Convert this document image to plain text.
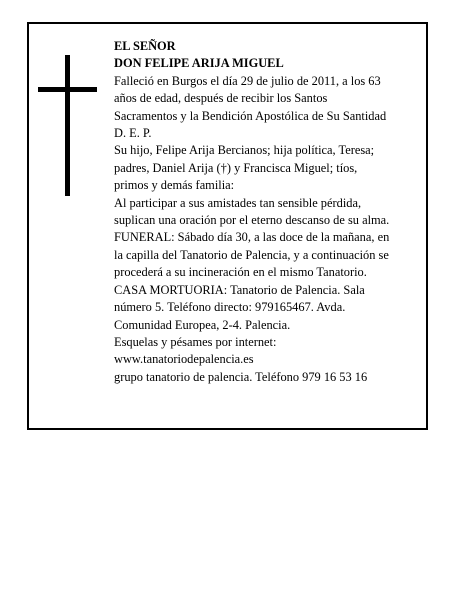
EL SEÑOR

DON FELIPE ARIJA MIGUEL

Falleció en Burgos el día 29 de julio de 2011, a los 63

años de edad, después de recibir los Santos

Sacramentos y la Bendición Apostólica de Su Santidad

D. E. P.

Su hijo, Felipe Arija Bercianos; hija política, Teresa;

padres, Daniel Arija (†) y Francisca Miguel; tíos,

primos y demás familia:

Al participar a sus amistades tan sensible pérdida,

suplican una oración por el eterno descanso de su alma.

FUNERAL: Sábado día 30, a las doce de la mañana, en

la capilla del Tanatorio de Palencia, y a continuación se

procederá a su incineración en el mismo Tanatorio.

CASA MORTUORIA: Tanatorio de Palencia. Sala

número 5. Teléfono directo: 979165467. Avda.

Comunidad Europea, 2-4. Palencia.

Esquelas y pésames por internet:

www.tanatoriodepalencia.es

grupo tanatorio de palencia. Teléfono 979 16 53 16
